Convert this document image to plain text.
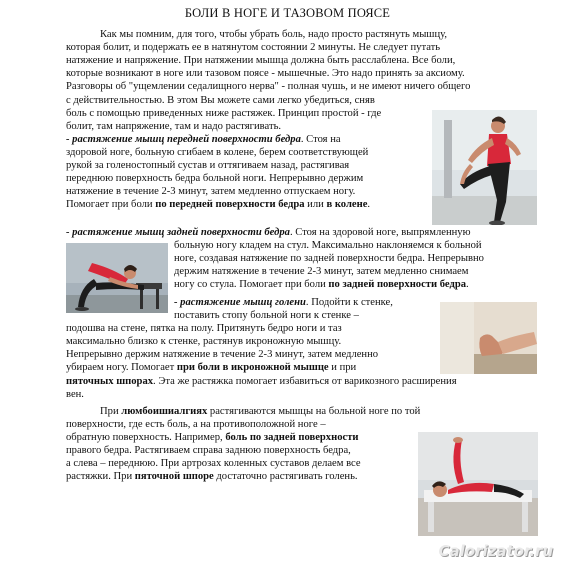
БОЛИ В НОГЕ И ТАЗОВОМ ПОЯСЕ
Как мы помним, для того, чтобы убрать боль, надо просто растянуть мышцу,
которая болит, и подержать ее в натянутом состоянии 2 минуты. Не следует путать
натяжение и напряжение. При натяжении мышца должна быть расслаблена. Все боли,
которые возникают в ноге или тазовом поясе - мышечные. Это надо принять за аксиому.
Разговоры об "ущемлении седалищного нерва" - полная чушь, и не имеют ничего общего
с действительностью. В этом Вы можете сами легко убедиться, сняв
боль с помощью приведенных ниже растяжек. Принцип простой - где
болит, там напряжение, там и надо растягивать.
- растяжение мышц передней поверхности бедра. Стоя на
здоровой ноге, больную сгибаем в колене, берем соответствующей
рукой за голеностопный сустав и оттягиваем назад, растягивая
переднюю поверхность бедра больной ноги. Непрерывно держим
натяжение в течение 2-3 минут, затем медленно отпускаем ногу.
Помогает при боли по передней поверхности бедра или в колене.
- растяжение мышц задней поверхности бедра. Стоя на здоровой ноге, выпрямленную
больную ногу кладем на стул. Максимально наклоняемся к больной
ноге, создавая натяжение по задней поверхности бедра. Непрерывно
держим натяжение в течение 2-3 минут, затем медленно снимаем
ногу со стула. Помогает при боли по задней поверхности бедра.
- растяжение мышц голени. Подойти к стенке,
поставить стопу больной ноги к стенке –
подошва на стене, пятка на полу. Притянуть бедро ноги и таз
максимально близко к стенке, растянув икроножную мышцу.
Непрерывно держим натяжение в течение 2-3 минут, затем медленно
убираем ногу. Помогает при боли в икроножной мышце и при
пяточных шпорах. Эта же растяжка помогает избавиться от варикозного расширения
вен.
При люмбоишиалгиях растягиваются мышцы на больной ноге по той
поверхности, где есть боль, а на противоположной ноге –
обратную поверхность. Например, боль по задней поверхности
правого бедра. Растягиваем справа заднюю поверхность бедра,
а слева – переднюю. При артрозах коленных суставов делаем все
растяжки. При пяточной шпоре достаточно растягивать голень.
Calorizator.ru
